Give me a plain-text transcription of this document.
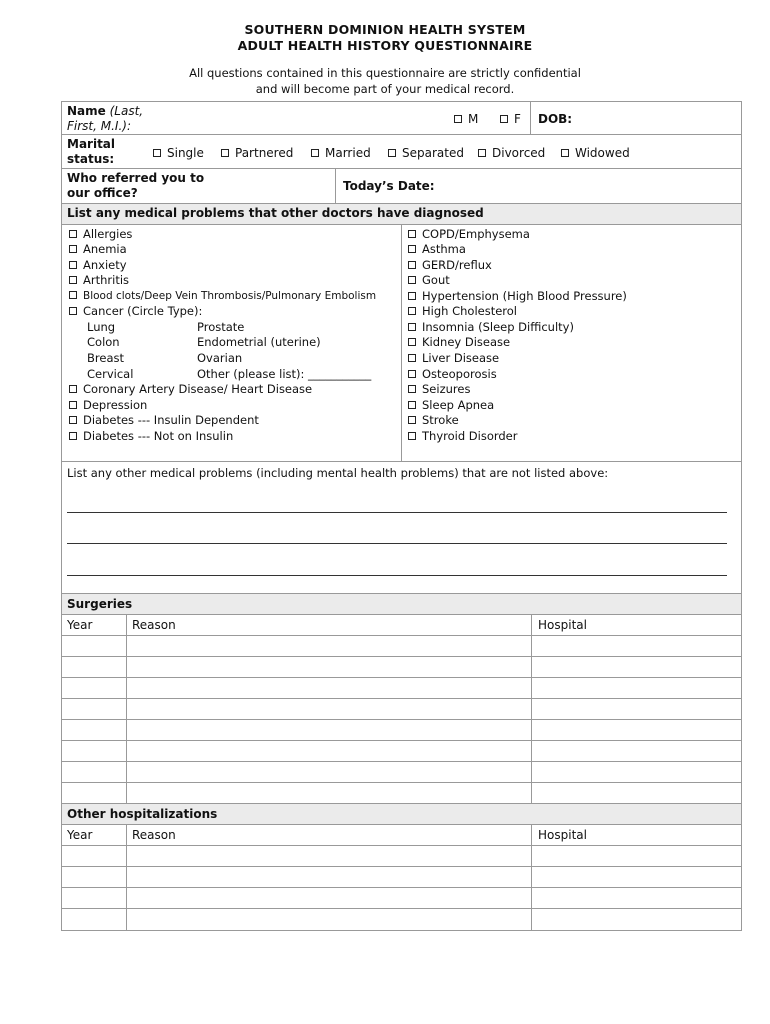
SOUTHERN DOMINION HEALTH SYSTEM
ADULT HEALTH HISTORY QUESTIONNAIRE
All questions contained in this questionnaire are strictly confidential
and will become part of your medical record.
Name (Last,
First, M.I.):	M	F DOB:
Marital
status:	Single	Partnered	Married	Separated	Divorced	Widowed
Who referred you to
our office?	Today’s Date:
List any medical problems that other doctors have diagnosed
Allergies
Anemia
Anxiety
Arthritis
Blood clots/Deep Vein Thrombosis/Pulmonary Embolism
Cancer (Circle Type):
Lung	Prostate
Colon	Endometrial (uterine)
Breast	Ovarian
Cervical	Other (please list): ___________
Coronary Artery Disease/ Heart Disease
Depression
Diabetes --- Insulin Dependent
Diabetes --- Not on Insulin
COPD/Emphysema
Asthma
GERD/reflux
Gout
Hypertension (High Blood Pressure)
High Cholesterol
Insomnia (Sleep Difficulty)
Kidney Disease
Liver Disease
Osteoporosis
Seizures
Sleep Apnea
Stroke
Thyroid Disorder
List any other medical problems (including mental health problems) that are not listed above:
Surgeries
Year	Reason	Hospital
Other hospitalizations
Year	Reason	Hospital
